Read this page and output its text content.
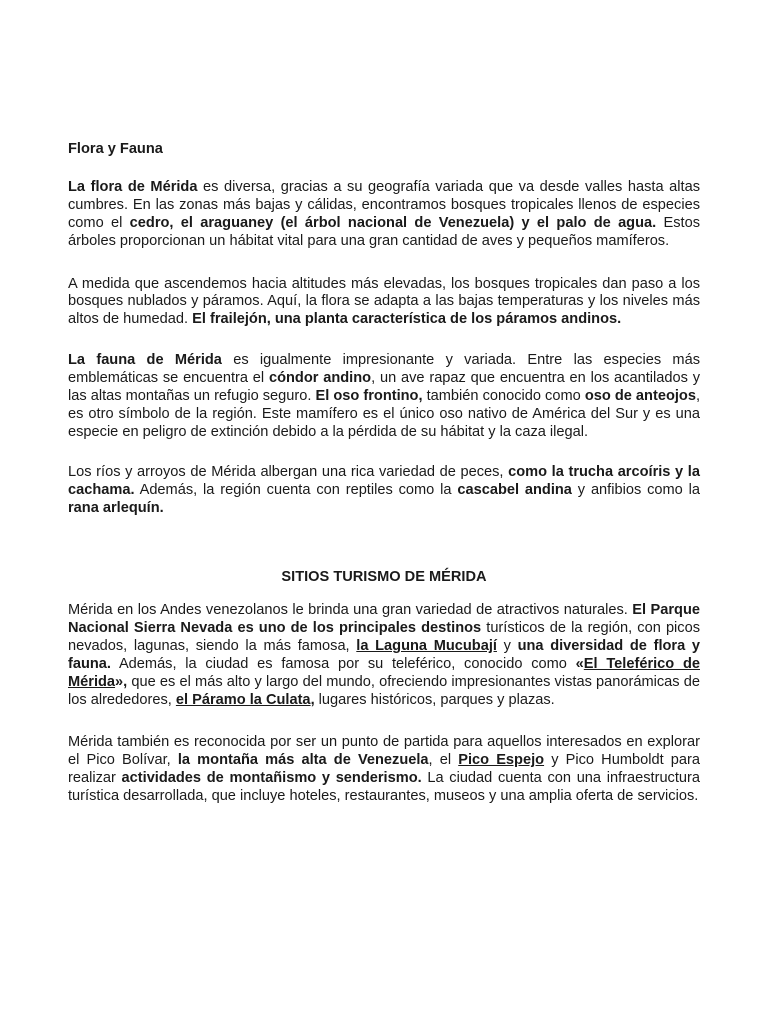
Flora y Fauna

La flora de Mérida es diversa, gracias a su geografía variada que va desde valles hasta altas cumbres. En las zonas más bajas y cálidas, encontramos bosques tropicales llenos de especies como el cedro, el araguaney (el árbol nacional de Venezuela) y el palo de agua. Estos árboles proporcionan un hábitat vital para una gran cantidad de aves y pequeños mamíferos.

A medida que ascendemos hacia altitudes más elevadas, los bosques tropicales dan paso a los bosques nublados y páramos. Aquí, la flora se adapta a las bajas temperaturas y los niveles más altos de humedad. El frailejón, una planta característica de los páramos andinos.

La fauna de Mérida es igualmente impresionante y variada. Entre las especies más emblemáticas se encuentra el cóndor andino, un ave rapaz que encuentra en los acantilados y las altas montañas un refugio seguro. El oso frontino, también conocido como oso de anteojos, es otro símbolo de la región. Este mamífero es el único oso nativo de América del Sur y es una especie en peligro de extinción debido a la pérdida de su hábitat y la caza ilegal.

Los ríos y arroyos de Mérida albergan una rica variedad de peces, como la trucha arcoíris y la cachama. Además, la región cuenta con reptiles como la cascabel andina y anfibios como la rana arlequín.

SITIOS TURISMO DE MÉRIDA

Mérida en los Andes venezolanos le brinda una gran variedad de atractivos naturales. El Parque Nacional Sierra Nevada es uno de los principales destinos turísticos de la región, con picos nevados, lagunas, siendo la más famosa, la Laguna Mucubají y una diversidad de flora y fauna. Además, la ciudad es famosa por su teleférico, conocido como «El Teleférico de Mérida», que es el más alto y largo del mundo, ofreciendo impresionantes vistas panorámicas de los alrededores, el Páramo la Culata, lugares históricos, parques y plazas.

Mérida también es reconocida por ser un punto de partida para aquellos interesados en explorar el Pico Bolívar, la montaña más alta de Venezuela, el Pico Espejo y Pico Humboldt para realizar actividades de montañismo y senderismo. La ciudad cuenta con una infraestructura turística desarrollada, que incluye hoteles, restaurantes, museos y una amplia oferta de servicios.
